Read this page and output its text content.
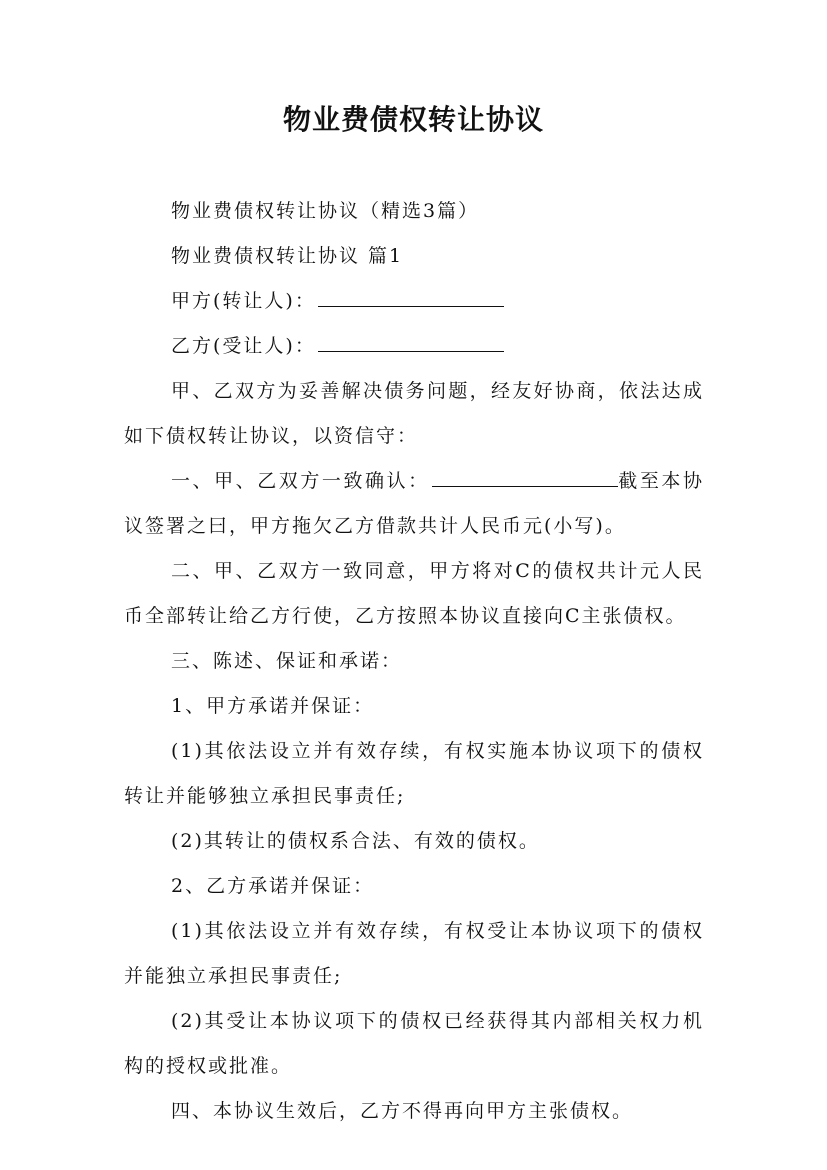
物业费债权转让协议

物业费债权转让协议（精选3篇）

物业费债权转让协议 篇1

甲方(转让人)：

乙方(受让人)：

甲、乙双方为妥善解决债务问题，经友好协商，依法达成如下债权转让协议，以资信守：

一、甲、乙双方一致确认：	截至本协议签署之曰，甲方拖欠乙方借款共计人民币元(小写)。

二、甲、乙双方一致同意，甲方将对C的债权共计元人民币全部转让给乙方行使，乙方按照本协议直接向C主张债权。

三、陈述、保证和承诺：

1、甲方承诺并保证：

(1)其依法设立并有效存续，有权实施本协议项下的债权转让并能够独立承担民事责任;

(2)其转让的债权系合法、有效的债权。

2、乙方承诺并保证：

(1)其依法设立并有效存续，有权受让本协议项下的债权并能独立承担民事责任;

(2)其受让本协议项下的债权已经获得其内部相关权力机构的授权或批准。

四、本协议生效后，乙方不得再向甲方主张债权。
